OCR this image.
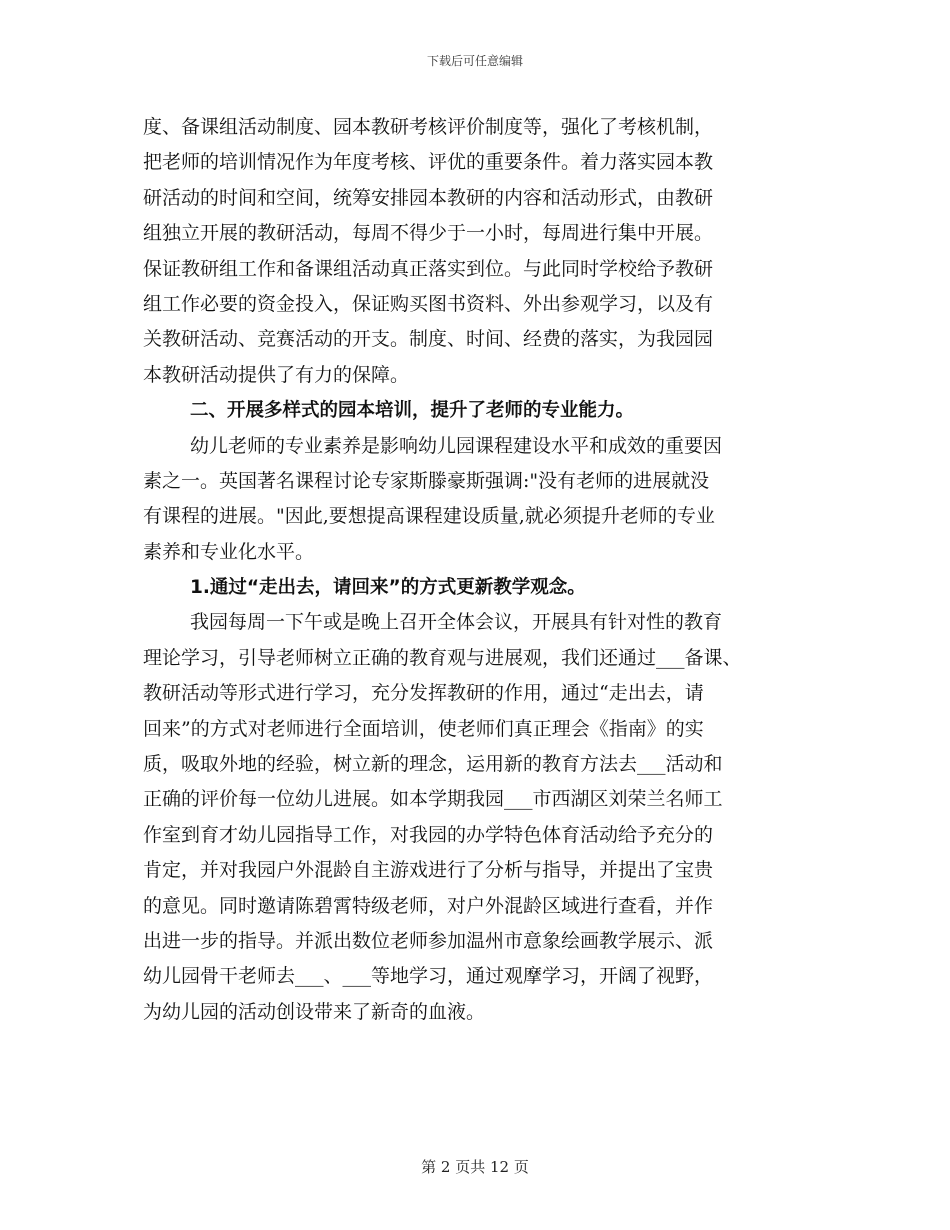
下载后可任意编辑
度、备课组活动制度、园本教研考核评价制度等，强化了考核机制，
把老师的培训情况作为年度考核、评优的重要条件。着力落实园本教
研活动的时间和空间，统筹安排园本教研的内容和活动形式，由教研
组独立开展的教研活动，每周不得少于一小时，每周进行集中开展。
保证教研组工作和备课组活动真正落实到位。与此同时学校给予教研
组工作必要的资金投入，保证购买图书资料、外出参观学习，以及有
关教研活动、竞赛活动的开支。制度、时间、经费的落实，为我园园
本教研活动提供了有力的保障。
二、开展多样式的园本培训，提升了老师的专业能力。
幼儿老师的专业素养是影响幼儿园课程建设水平和成效的重要因
素之一。英国著名课程讨论专家斯滕豪斯强调:"没有老师的进展就没
有课程的进展。"因此,要想提高课程建设质量,就必须提升老师的专业
素养和专业化水平。
1.通过“走出去，请回来”的方式更新教学观念。
我园每周一下午或是晚上召开全体会议，开展具有针对性的教育
理论学习，引导老师树立正确的教育观与进展观，我们还通过___备课、
教研活动等形式进行学习，充分发挥教研的作用，通过“走出去，请
回来”的方式对老师进行全面培训，使老师们真正理会《指南》的实
质，吸取外地的经验，树立新的理念，运用新的教育方法去___活动和
正确的评价每一位幼儿进展。如本学期我园___市西湖区刘荣兰名师工
作室到育才幼儿园指导工作，对我园的办学特色体育活动给予充分的
肯定，并对我园户外混龄自主游戏进行了分析与指导，并提出了宝贵
的意见。同时邀请陈碧霄特级老师，对户外混龄区域进行查看，并作
出进一步的指导。并派出数位老师参加温州市意象绘画教学展示、派
幼儿园骨干老师去___、___等地学习，通过观摩学习，开阔了视野，
为幼儿园的活动创设带来了新奇的血液。
第 2 页共 12 页
